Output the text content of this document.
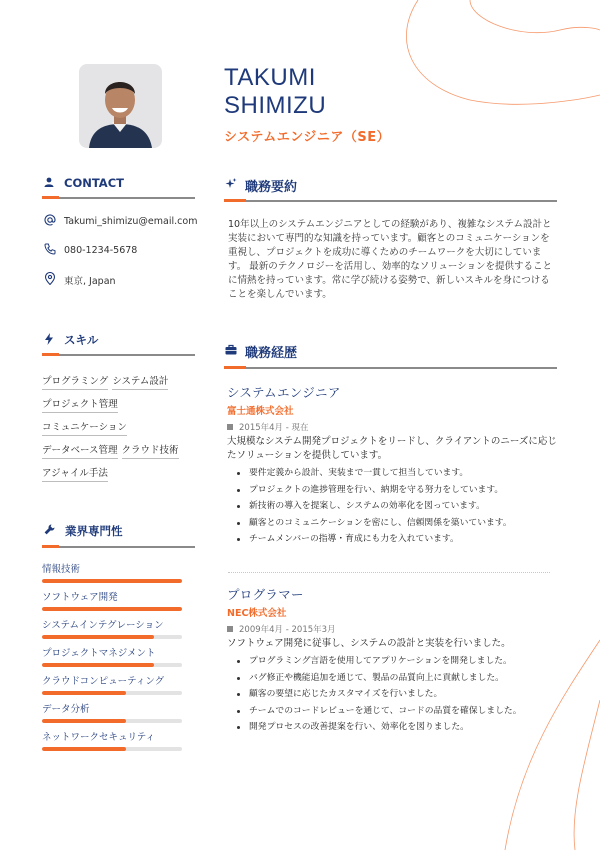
TAKUMI
SHIMIZU
システムエンジニア（SE）
CONTACT
Takumi_shimizu@email.com
080-1234-5678
東京, Japan
スキル
プログラミング システム設計
プロジェクト管理
コミュニケーション
データベース管理 クラウド技術
アジャイル手法
業界専門性
情報技術
ソフトウェア開発
システムインテグレーション
プロジェクトマネジメント
クラウドコンピューティング
データ分析
ネットワークセキュリティ
職務要約
10年以上のシステムエンジニアとしての経験があり、複雑なシステム設計と実装において専門的な知識を持っています。顧客とのコミュニケーションを重視し、プロジェクトを成功に導くためのチームワークを大切にしています。 最新のテクノロジーを活用し、効率的なソリューションを提供することに情熱を持っています。常に学び続ける姿勢で、新しいスキルを身につけることを楽しんでいます。
職務経歴
システムエンジニア
富士通株式会社
2015年4月 - 現在
大規模なシステム開発プロジェクトをリードし、クライアントのニーズに応じたソリューションを提供しています。
要件定義から設計、実装まで一貫して担当しています。
プロジェクトの進捗管理を行い、納期を守る努力をしています。
新技術の導入を提案し、システムの効率化を図っています。
顧客とのコミュニケーションを密にし、信頼関係を築いています。
チームメンバーの指導・育成にも力を入れています。
プログラマー
NEC株式会社
2009年4月 - 2015年3月
ソフトウェア開発に従事し、システムの設計と実装を行いました。
プログラミング言語を使用してアプリケーションを開発しました。
バグ修正や機能追加を通じて、製品の品質向上に貢献しました。
顧客の要望に応じたカスタマイズを行いました。
チームでのコードレビューを通じて、コードの品質を確保しました。
開発プロセスの改善提案を行い、効率化を図りました。
